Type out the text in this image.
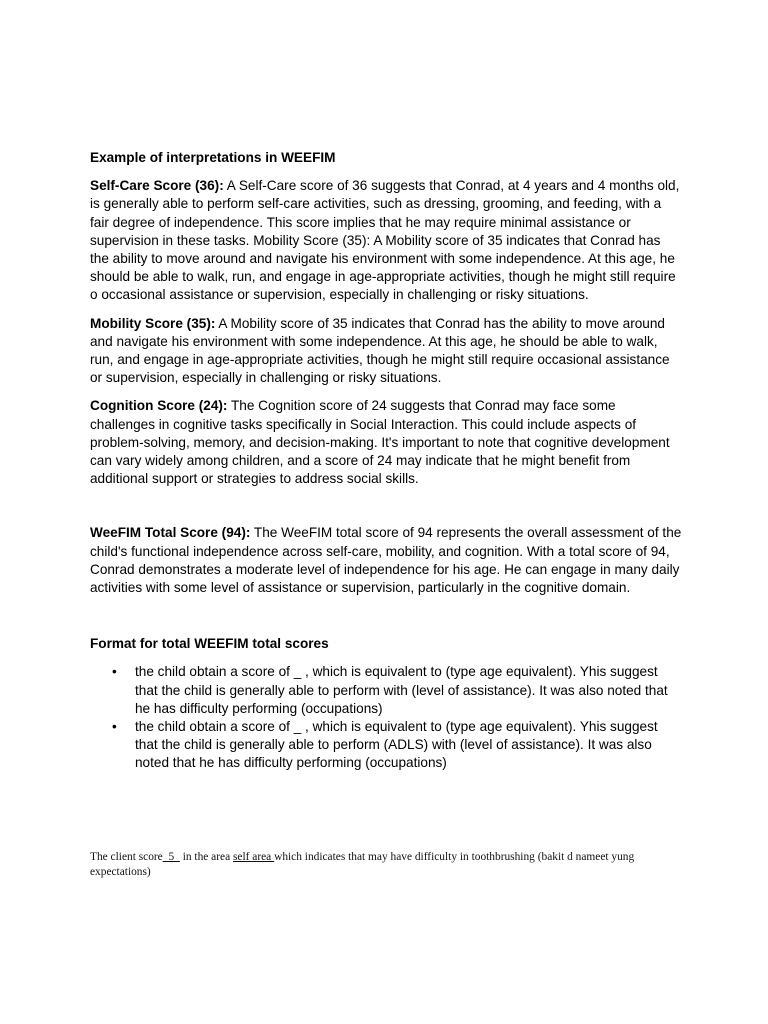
Example of interpretations in WEEFIM
Self-Care Score (36): A Self-Care score of 36 suggests that Conrad, at 4 years and 4 months old, is generally able to perform self-care activities, such as dressing, grooming, and feeding, with a fair degree of independence. This score implies that he may require minimal assistance or supervision in these tasks. Mobility Score (35): A Mobility score of 35 indicates that Conrad has the ability to move around and navigate his environment with some independence. At this age, he should be able to walk, run, and engage in age-appropriate activities, though he might still require o occasional assistance or supervision, especially in challenging or risky situations.
Mobility Score (35): A Mobility score of 35 indicates that Conrad has the ability to move around and navigate his environment with some independence. At this age, he should be able to walk, run, and engage in age-appropriate activities, though he might still require occasional assistance or supervision, especially in challenging or risky situations.
Cognition Score (24): The Cognition score of 24 suggests that Conrad may face some challenges in cognitive tasks specifically in Social Interaction. This could include aspects of problem-solving, memory, and decision-making. It's important to note that cognitive development can vary widely among children, and a score of 24 may indicate that he might benefit from additional support or strategies to address social skills.
WeeFIM Total Score (94): The WeeFIM total score of 94 represents the overall assessment of the child's functional independence across self-care, mobility, and cognition. With a total score of 94, Conrad demonstrates a moderate level of independence for his age. He can engage in many daily activities with some level of assistance or supervision, particularly in the cognitive domain.
Format for total WEEFIM total scores
• the child obtain a score of _ , which is equivalent to (type age equivalent). Yhis suggest that the child is generally able to perform with (level of assistance). It was also noted that he has difficulty performing (occupations)
• the child obtain a score of _ , which is equivalent to (type age equivalent). Yhis suggest that the child is generally able to perform (ADLS) with (level of assistance). It was also noted that he has difficulty performing (occupations)
The client score_5_ in the area self area which indicates that may have difficulty in toothbrushing (bakit d nameet yung expectations)
